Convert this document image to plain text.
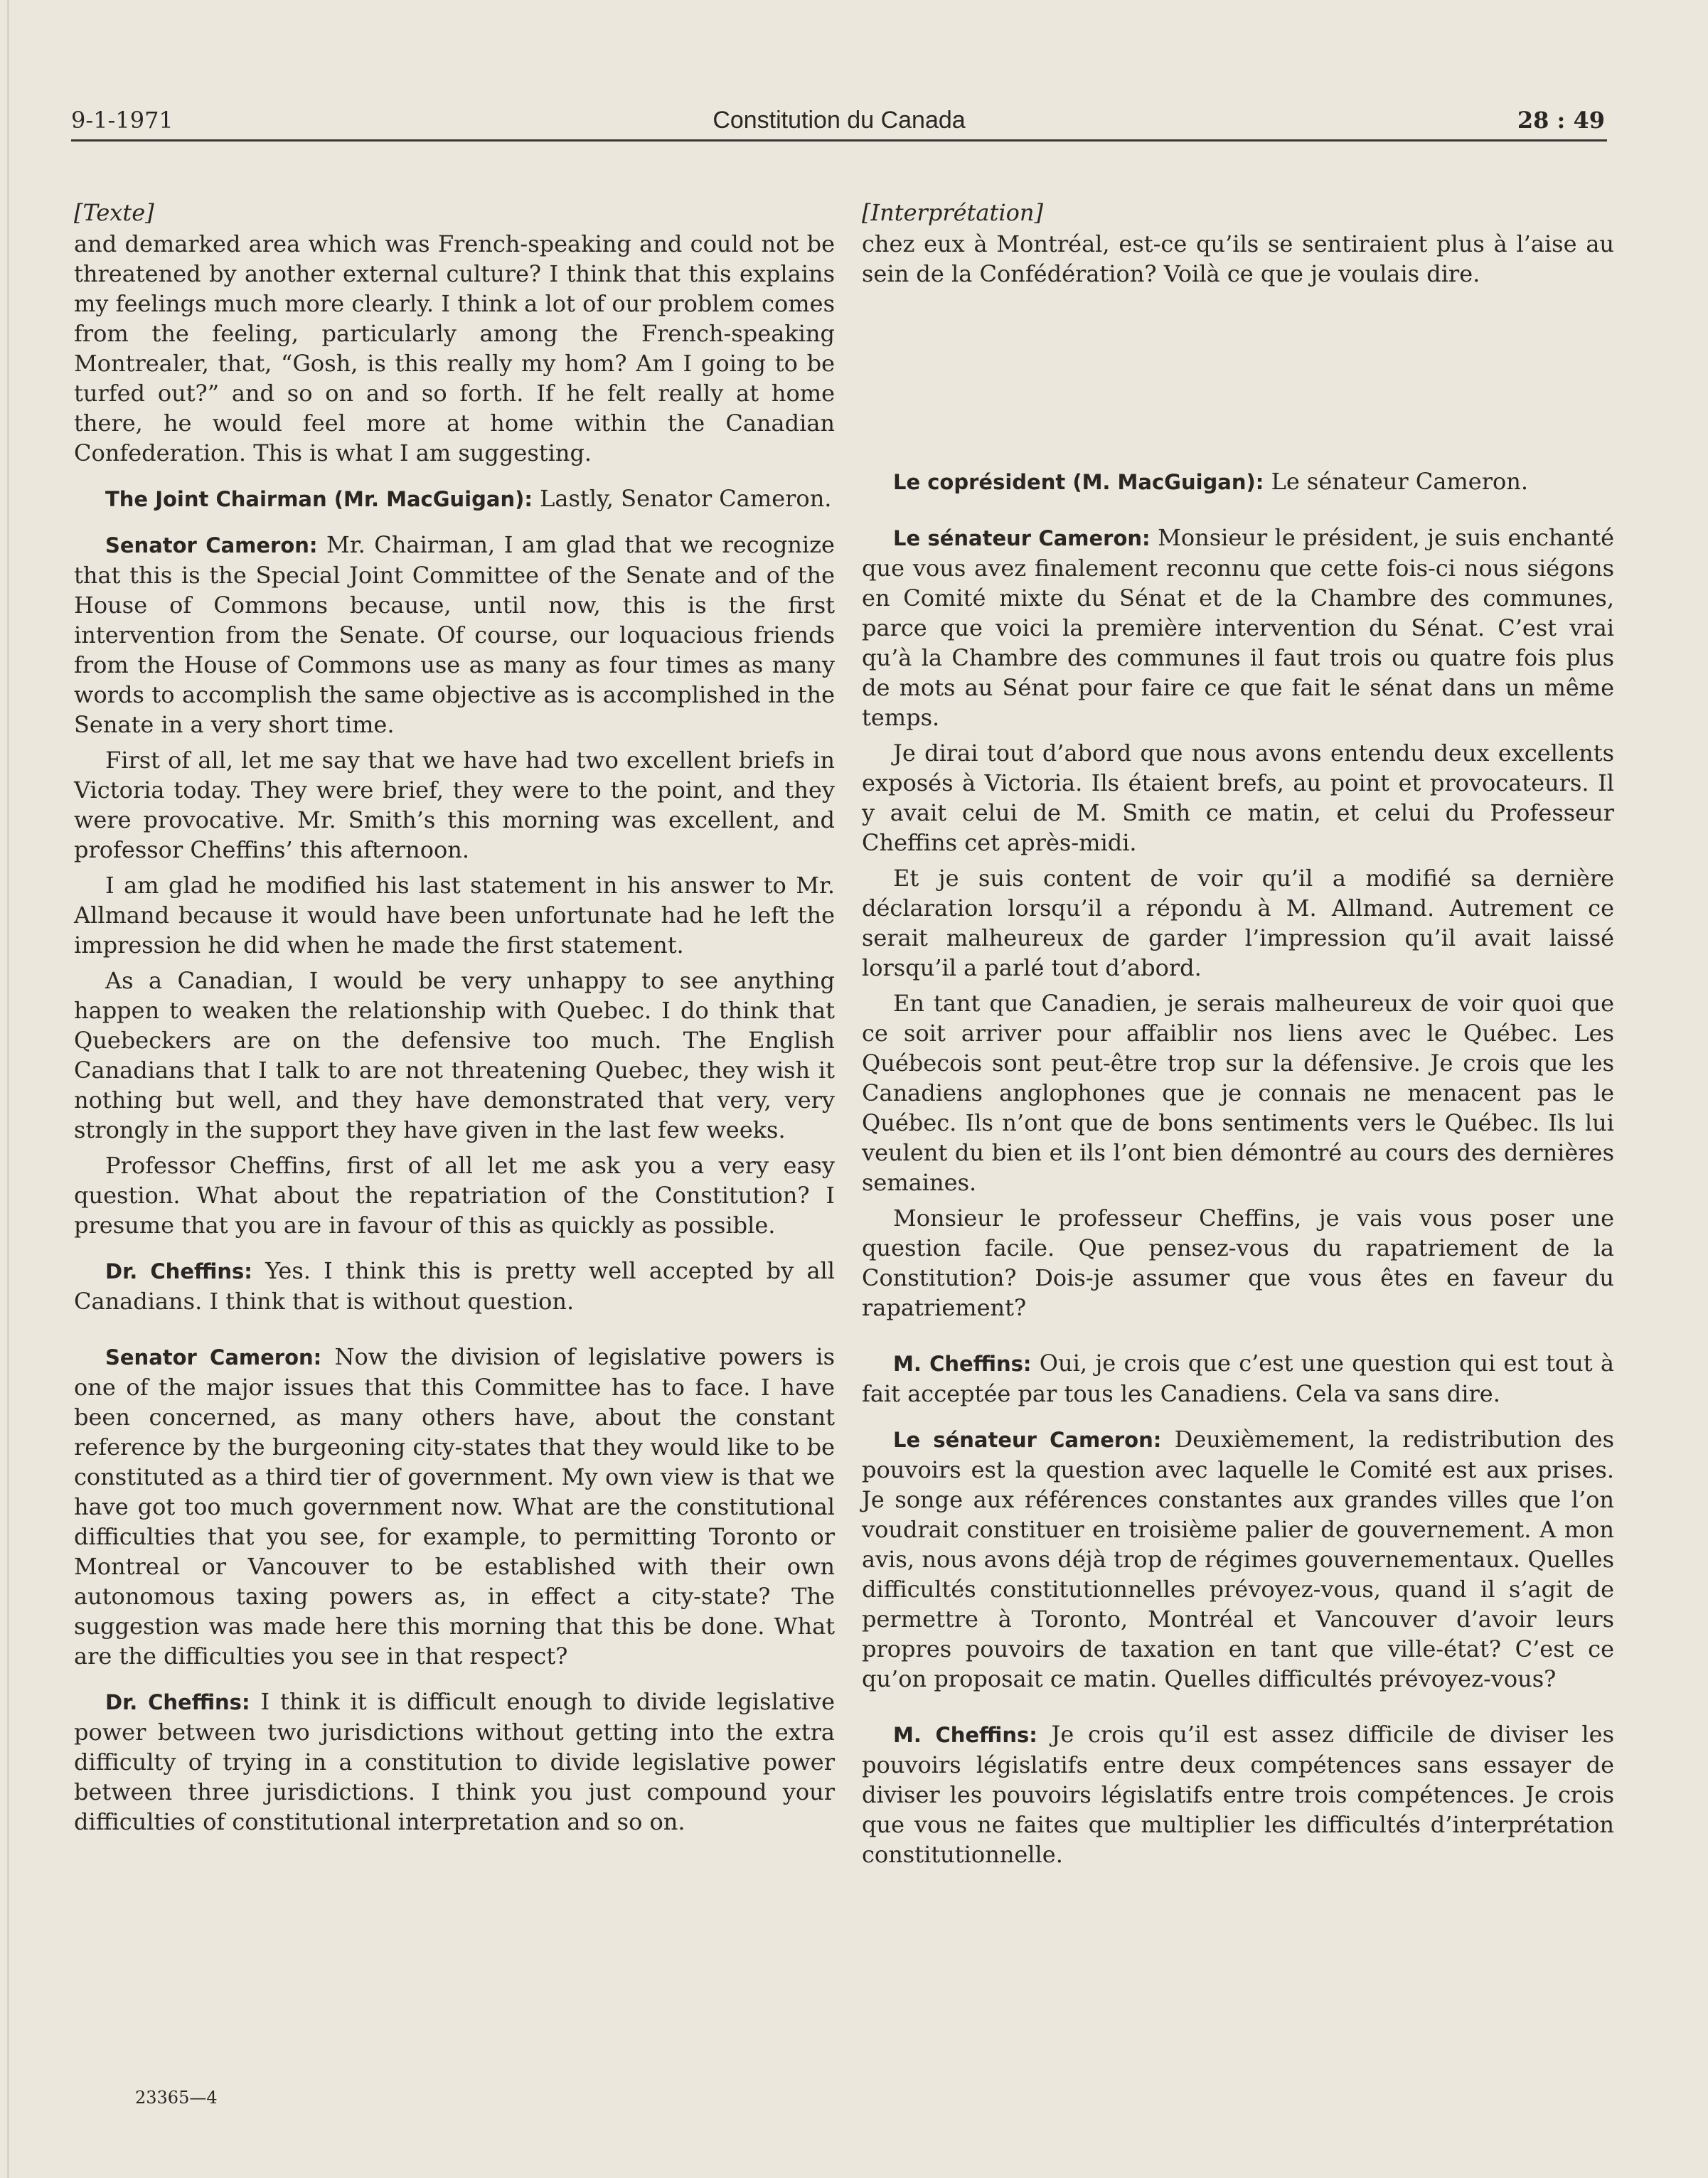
9-1-1971	Constitution du Canada	28 : 49
[Texte]

and demarked area which was French-speaking and could not be threatened by another external culture? I think that this explains my feelings much more clearly. I think a lot of our problem comes from the feeling, particularly among the French-speaking Montrealer, that, “Gosh, is this really my hom? Am I going to be turfed out?” and so on and so forth. If he felt really at home there, he would feel more at home within the Canadian Confederation. This is what I am suggesting.

The Joint Chairman (Mr. MacGuigan): Lastly, Senator Cameron.

Senator Cameron: Mr. Chairman, I am glad that we recognize that this is the Special Joint Committee of the Senate and of the House of Commons because, until now, this is the first intervention from the Senate. Of course, our loquacious friends from the House of Commons use as many as four times as many words to accomplish the same objective as is accomplished in the Senate in a very short time.

First of all, let me say that we have had two excellent briefs in Victoria today. They were brief, they were to the point, and they were provocative. Mr. Smith’s this morning was excellent, and professor Cheffins’ this afternoon.

I am glad he modified his last statement in his answer to Mr. Allmand because it would have been unfortunate had he left the impression he did when he made the first statement.

As a Canadian, I would be very unhappy to see anything happen to weaken the relationship with Quebec. I do think that Quebeckers are on the defensive too much. The English Canadians that I talk to are not threatening Quebec, they wish it nothing but well, and they have demonstrated that very, very strongly in the support they have given in the last few weeks.

Professor Cheffins, first of all let me ask you a very easy question. What about the repatriation of the Constitution? I presume that you are in favour of this as quickly as possible.

Dr. Cheffins: Yes. I think this is pretty well accepted by all Canadians. I think that is without question.

Senator Cameron: Now the division of legislative powers is one of the major issues that this Committee has to face. I have been concerned, as many others have, about the constant reference by the burgeoning city-states that they would like to be constituted as a third tier of government. My own view is that we have got too much government now. What are the constitutional difficulties that you see, for example, to permitting Toronto or Montreal or Vancouver to be established with their own autonomous taxing powers as, in effect a city-state? The suggestion was made here this morning that this be done. What are the difficulties you see in that respect?

Dr. Cheffins: I think it is difficult enough to divide legislative power between two jurisdictions without getting into the extra difficulty of trying in a constitution to divide legislative power between three jurisdictions. I think you just compound your difficulties of constitutional interpretation and so on.

[Interprétation]

chez eux à Montréal, est-ce qu’ils se sentiraient plus à l’aise au sein de la Confédération? Voilà ce que je voulais dire.

Le coprésident (M. MacGuigan): Le sénateur Cameron.

Le sénateur Cameron: Monsieur le président, je suis enchanté que vous avez finalement reconnu que cette fois-ci nous siégons en Comité mixte du Sénat et de la Chambre des communes, parce que voici la première intervention du Sénat. C’est vrai qu’à la Chambre des communes il faut trois ou quatre fois plus de mots au Sénat pour faire ce que fait le sénat dans un même temps.

Je dirai tout d’abord que nous avons entendu deux excellents exposés à Victoria. Ils étaient brefs, au point et provocateurs. Il y avait celui de M. Smith ce matin, et celui du Professeur Cheffins cet après-midi.

Et je suis content de voir qu’il a modifié sa dernière déclaration lorsqu’il a répondu à M. Allmand. Autrement ce serait malheureux de garder l’impression qu’il avait laissé lorsqu’il a parlé tout d’abord.

En tant que Canadien, je serais malheureux de voir quoi que ce soit arriver pour affaiblir nos liens avec le Québec. Les Québecois sont peut-être trop sur la défensive. Je crois que les Canadiens anglophones que je connais ne menacent pas le Québec. Ils n’ont que de bons sentiments vers le Québec. Ils lui veulent du bien et ils l’ont bien démontré au cours des dernières semaines.

Monsieur le professeur Cheffins, je vais vous poser une question facile. Que pensez-vous du rapatriement de la Constitution? Dois-je assumer que vous êtes en faveur du rapatriement?

M. Cheffins: Oui, je crois que c’est une question qui est tout à fait acceptée par tous les Canadiens. Cela va sans dire.

Le sénateur Cameron: Deuxièmement, la redistribution des pouvoirs est la question avec laquelle le Comité est aux prises. Je songe aux références constantes aux grandes villes que l’on voudrait constituer en troisième palier de gouvernement. A mon avis, nous avons déjà trop de régimes gouvernementaux. Quelles difficultés constitutionnelles prévoyez-vous, quand il s’agit de permettre à Toronto, Montréal et Vancouver d’avoir leurs propres pouvoirs de taxation en tant que ville-état? C’est ce qu’on proposait ce matin. Quelles difficultés prévoyez-vous?

M. Cheffins: Je crois qu’il est assez difficile de diviser les pouvoirs législatifs entre deux compétences sans essayer de diviser les pouvoirs législatifs entre trois compétences. Je crois que vous ne faites que multiplier les difficultés d’interprétation constitutionnelle.

23365—4
